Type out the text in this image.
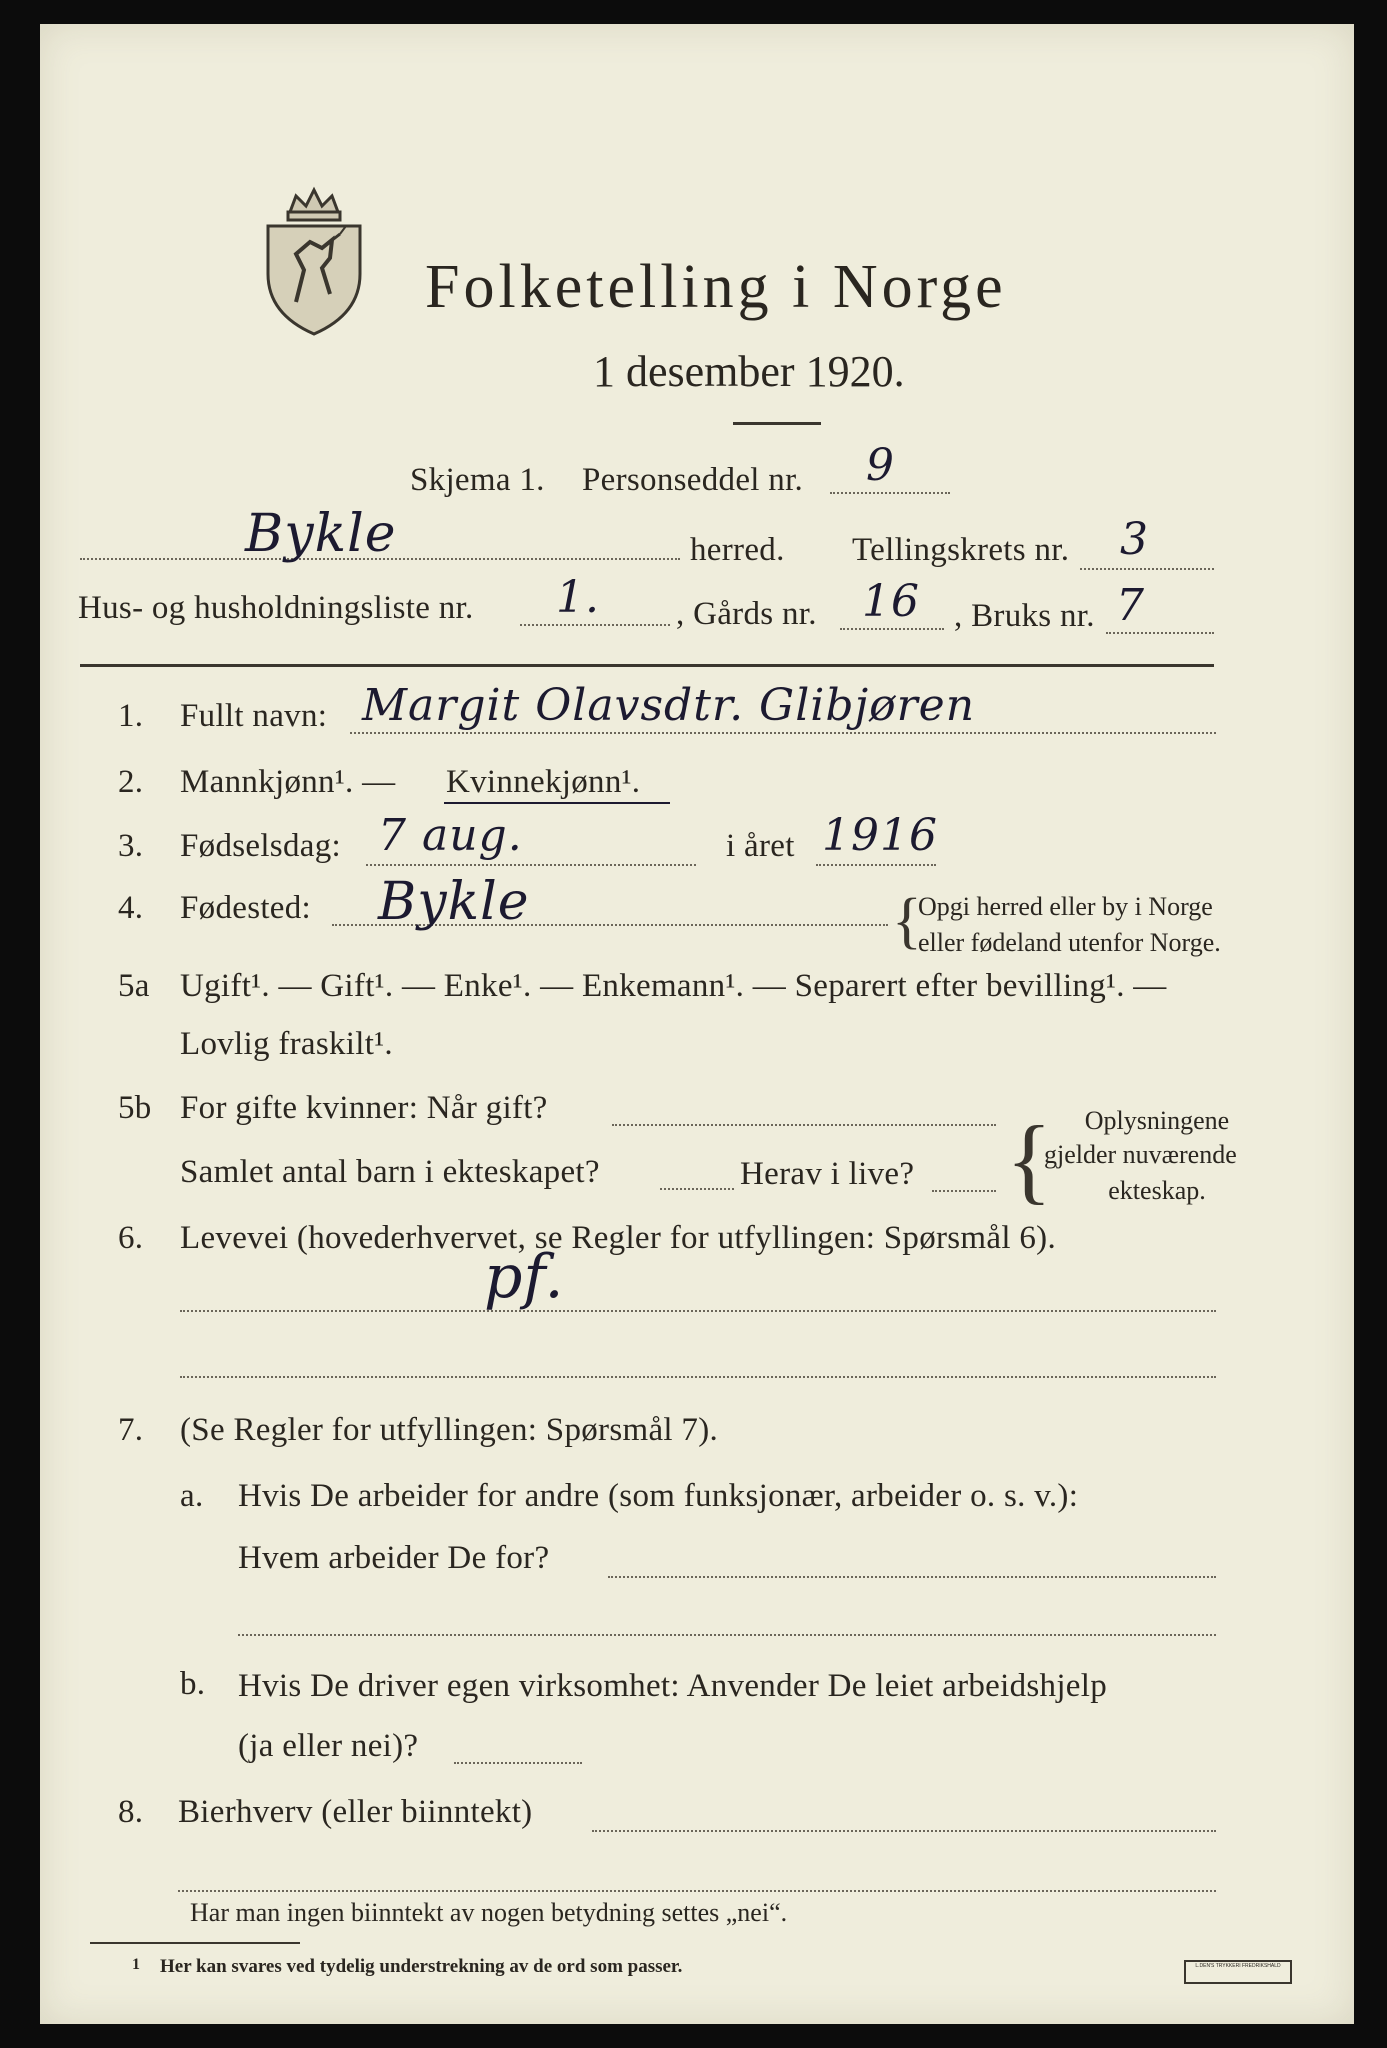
Folketelling i Norge
1 desember 1920.
Skjema 1. Personseddel nr. 9
Bykle	herred. Tellingskrets nr. 3
Hus- og husholdningsliste nr. 1. , Gårds nr. 16 , Bruks nr. 7
1. Fullt navn: Margit Olavsdtr. Glibjøren
2. Mannkjønn¹. — Kvinnekjønn¹.
3. Fødselsdag: 7 aug.	i året 1916
4. Fødested: Bykle	{
Opgi herred eller by i Norge
eller fødeland utenfor Norge.
5a Ugift¹. — Gift¹. — Enke¹. — Enkemann¹. — Separert efter bevilling¹. —
Lovlig fraskilt¹.
5b For gifte kvinner: Når gift?
Samlet antal barn i ekteskapet?	Herav i live? {	Oplysningene
gjelder nuværende
ekteskap.
6. Levevei (hovederhvervet, se Regler for utfyllingen: Spørsmål 6).
pf.
7. (Se Regler for utfyllingen: Spørsmål 7).
a. Hvis De arbeider for andre (som funksjonær, arbeider o. s. v.):
Hvem arbeider De for?
b. Hvis De driver egen virksomhet: Anvender De leiet arbeidshjelp
(ja eller nei)?
8. Bierhverv (eller biinntekt)
Har man ingen biinntekt av nogen betydning settes „nei“.
1 Her kan svares ved tydelig understrekning av de ord som passer.	L.DEN'S TRYKKERI FREDRIKSHALD
